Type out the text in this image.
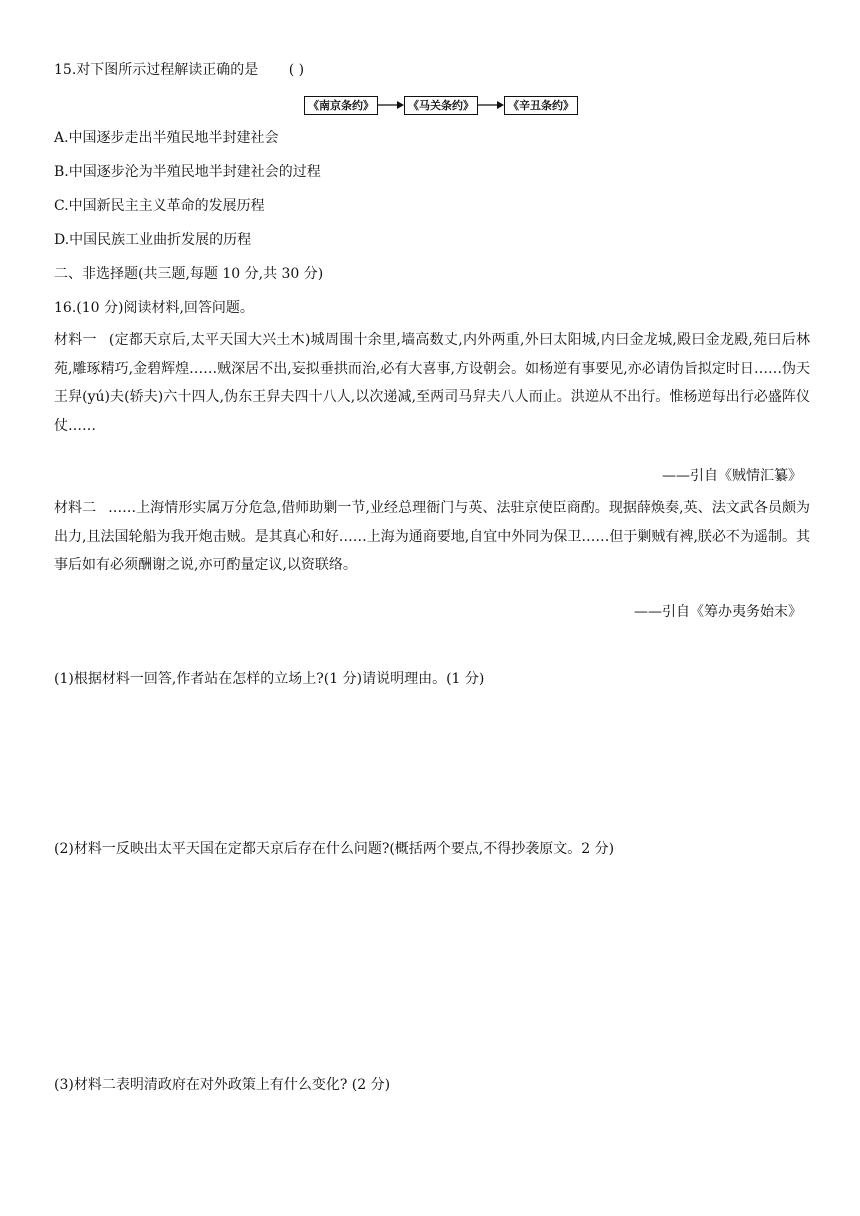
15.对下图所示过程解读正确的是 ( )
《南京条约》	《马关条约》	《辛丑条约》
A.中国逐步走出半殖民地半封建社会
B.中国逐步沦为半殖民地半封建社会的过程
C.中国新民主主义革命的发展历程
D.中国民族工业曲折发展的历程
二、非选择题(共三题,每题 10 分,共 30 分)
16.(10 分)阅读材料,回答问题。
材料一 (定都天京后,太平天国大兴土木)城周围十余里,墙高数丈,内外两重,外曰太阳城,内曰金龙城,殿曰金龙殿,苑曰后林苑,雕琢精巧,金碧辉煌……贼深居不出,妄拟垂拱而治,必有大喜事,方设朝会。如杨逆有事要见,亦必请伪旨拟定时日……伪天王舁(yú)夫(轿夫)六十四人,伪东王舁夫四十八人,以次递减,至两司马舁夫八人而止。洪逆从不出行。惟杨逆每出行必盛阵仪仗……
——引自《贼情汇纂》
材料二 ……上海情形实属万分危急,借师助剿一节,业经总理衙门与英、法驻京使臣商酌。现据薛焕奏,英、法文武各员颇为出力,且法国轮船为我开炮击贼。是其真心和好……上海为通商要地,自宜中外同为保卫……但于剿贼有裨,朕必不为遥制。其事后如有必须酬谢之说,亦可酌量定议,以资联络。
——引自《筹办夷务始末》
(1)根据材料一回答,作者站在怎样的立场上?(1 分)请说明理由。(1 分)
(2)材料一反映出太平天国在定都天京后存在什么问题?(概括两个要点,不得抄袭原文。2 分)
(3)材料二表明清政府在对外政策上有什么变化? (2 分)
